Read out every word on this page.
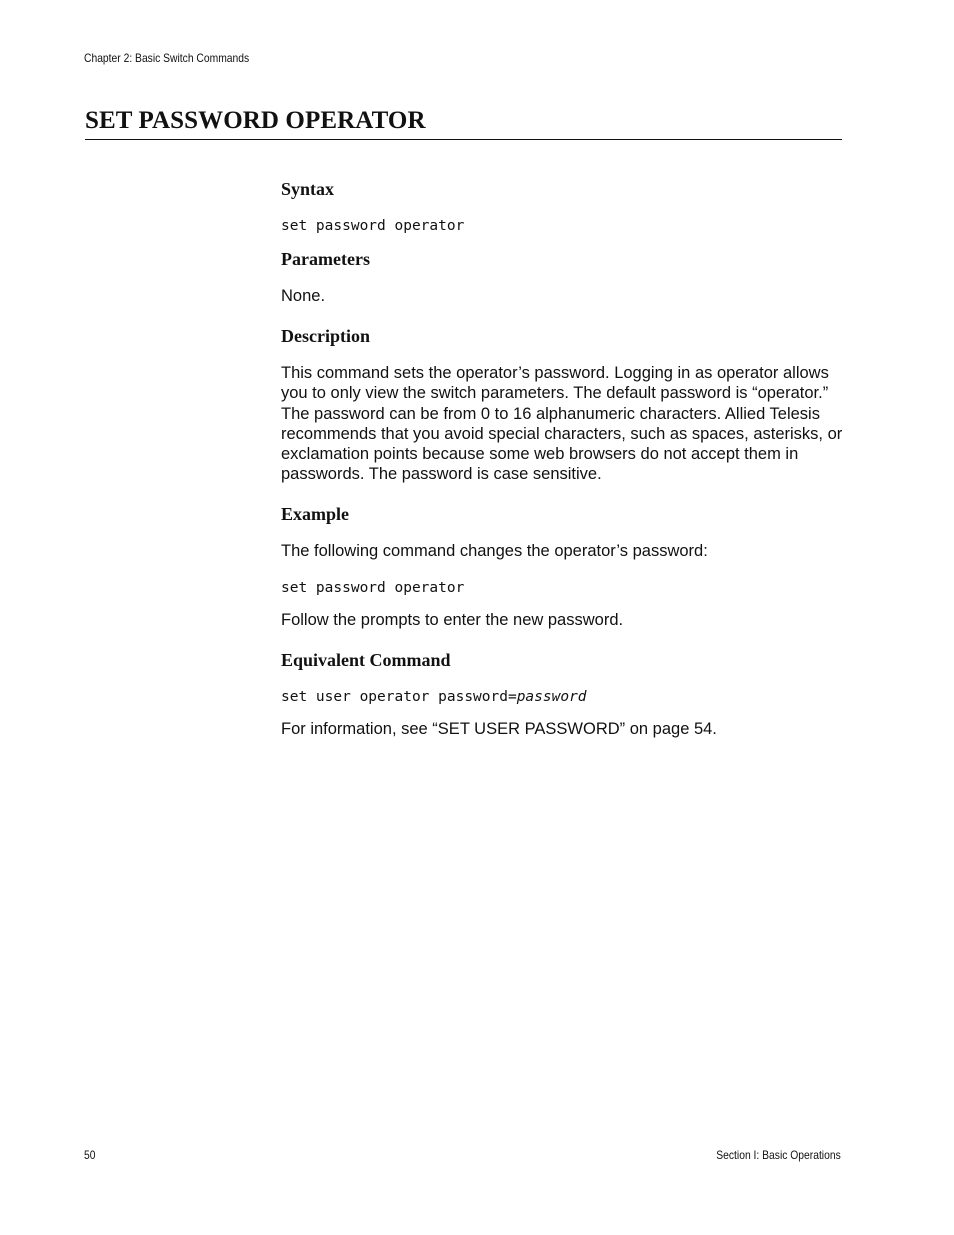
Chapter 2: Basic Switch Commands
SET PASSWORD OPERATOR
Syntax
set password operator
Parameters

None.

Description

This command sets the operator’s password. Logging in as operator allows you to only view the switch parameters. The default password is “operator.” The password can be from 0 to 16 alphanumeric characters. Allied Telesis recommends that you avoid special characters, such as spaces, asterisks, or exclamation points because some web browsers do not accept them in passwords. The password is case sensitive.

Example

The following command changes the operator’s password:

set password operator

Follow the prompts to enter the new password.

Equivalent Command
set user operator password=password

For information, see “SET USER PASSWORD” on page 54.

50	Section I: Basic Operations
